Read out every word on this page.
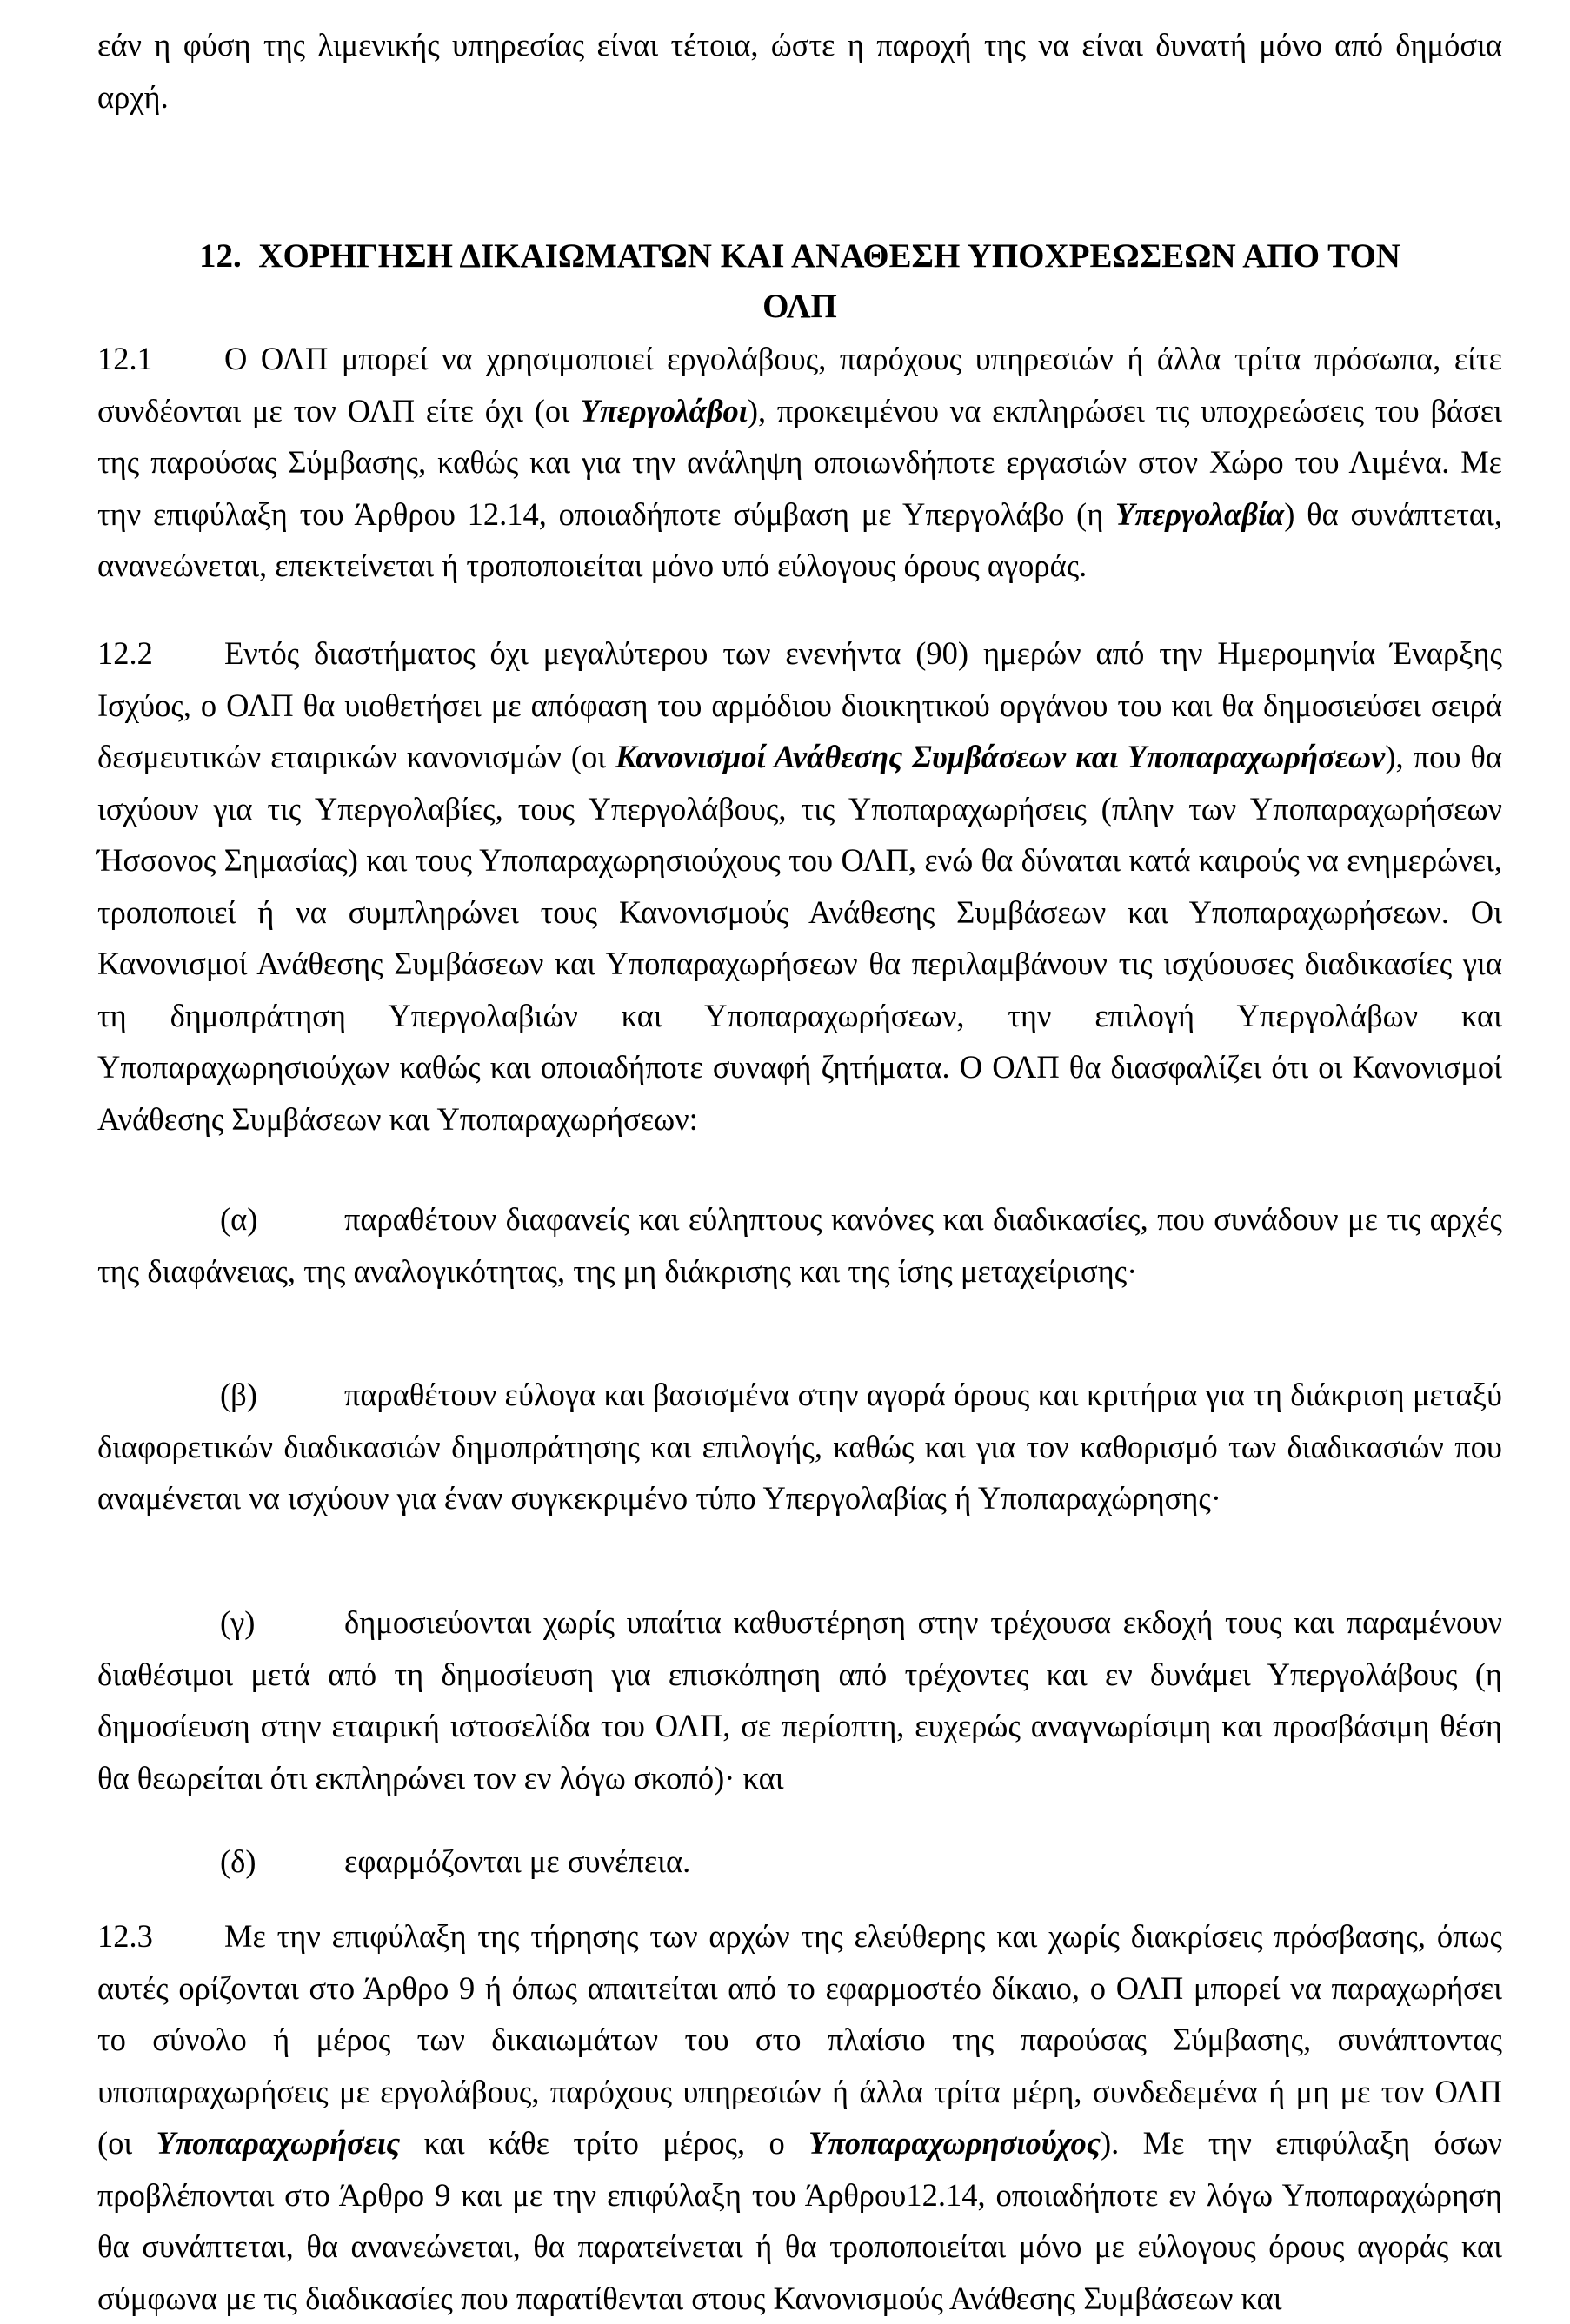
εάν η φύση της λιμενικής υπηρεσίας είναι τέτοια, ώστε η παροχή της να είναι δυνατή μόνο από δημόσια αρχή.

12. ΧΟΡΗΓΗΣΗ ΔΙΚΑΙΩΜΑΤΩΝ ΚΑΙ ΑΝΑΘΕΣΗ ΥΠΟΧΡΕΩΣΕΩΝ ΑΠΟ ΤΟΝ
ΟΛΠ

12.1 Ο ΟΛΠ μπορεί να χρησιμοποιεί εργολάβους, παρόχους υπηρεσιών ή άλλα τρίτα πρόσωπα, είτε συνδέονται με τον ΟΛΠ είτε όχι (οι Υπεργολάβοι), προκειμένου να εκπληρώσει τις υποχρεώσεις του βάσει της παρούσας Σύμβασης, καθώς και για την ανάληψη οποιωνδήποτε εργασιών στον Χώρο του Λιμένα. Με την επιφύλαξη του Άρθρου 12.14, οποιαδήποτε σύμβαση με Υπεργολάβο (η Υπεργολαβία) θα συνάπτεται, ανανεώνεται, επεκτείνεται ή τροποποιείται μόνο υπό εύλογους όρους αγοράς.

12.2 Εντός διαστήματος όχι μεγαλύτερου των ενενήντα (90) ημερών από την Ημερομηνία Έναρξης Ισχύος, ο ΟΛΠ θα υιοθετήσει με απόφαση του αρμόδιου διοικητικού οργάνου του και θα δημοσιεύσει σειρά δεσμευτικών εταιρικών κανονισμών (οι Κανονισμοί Ανάθεσης Συμβάσεων και Υποπαραχωρήσεων), που θα ισχύουν για τις Υπεργολαβίες, τους Υπεργολάβους, τις Υποπαραχωρήσεις (πλην των Υποπαραχωρήσεων Ήσσονος Σημασίας) και τους Υποπαραχωρησιούχους του ΟΛΠ, ενώ θα δύναται κατά καιρούς να ενημερώνει, τροποποιεί ή να συμπληρώνει τους Κανονισμούς Ανάθεσης Συμβάσεων και Υποπαραχωρήσεων. Οι Κανονισμοί Ανάθεσης Συμβάσεων και Υποπαραχωρήσεων θα περιλαμβάνουν τις ισχύουσες διαδικασίες για τη δημοπράτηση Υπεργολαβιών και Υποπαραχωρήσεων, την επιλογή Υπεργολάβων και Υποπαραχωρησιούχων καθώς και οποιαδήποτε συναφή ζητήματα. Ο ΟΛΠ θα διασφαλίζει ότι οι Κανονισμοί Ανάθεσης Συμβάσεων και Υποπαραχωρήσεων:

(α)	παραθέτουν διαφανείς και εύληπτους κανόνες και διαδικασίες, που συνάδουν με τις αρχές της διαφάνειας, της αναλογικότητας, της μη διάκρισης και της ίσης μεταχείρισης·

(β)	παραθέτουν εύλογα και βασισμένα στην αγορά όρους και κριτήρια για τη διάκριση μεταξύ διαφορετικών διαδικασιών δημοπράτησης και επιλογής, καθώς και για τον καθορισμό των διαδικασιών που αναμένεται να ισχύουν για έναν συγκεκριμένο τύπο Υπεργολαβίας ή Υποπαραχώρησης·

(γ)	δημοσιεύονται χωρίς υπαίτια καθυστέρηση στην τρέχουσα εκδοχή τους και παραμένουν διαθέσιμοι μετά από τη δημοσίευση για επισκόπηση από τρέχοντες και εν δυνάμει Υπεργολάβους (η δημοσίευση στην εταιρική ιστοσελίδα του ΟΛΠ, σε περίοπτη, ευχερώς αναγνωρίσιμη και προσβάσιμη θέση θα θεωρείται ότι εκπληρώνει τον εν λόγω σκοπό)· και

(δ)	εφαρμόζονται με συνέπεια.

12.3 Με την επιφύλαξη της τήρησης των αρχών της ελεύθερης και χωρίς διακρίσεις πρόσβασης, όπως αυτές ορίζονται στο Άρθρο 9 ή όπως απαιτείται από το εφαρμοστέο δίκαιο, ο ΟΛΠ μπορεί να παραχωρήσει το σύνολο ή μέρος των δικαιωμάτων του στο πλαίσιο της παρούσας Σύμβασης, συνάπτοντας υποπαραχωρήσεις με εργολάβους, παρόχους υπηρεσιών ή άλλα τρίτα μέρη, συνδεδεμένα ή μη με τον ΟΛΠ (οι Υποπαραχωρήσεις και κάθε τρίτο μέρος, ο Υποπαραχωρησιούχος). Με την επιφύλαξη όσων προβλέπονται στο Άρθρο 9 και με την επιφύλαξη του Άρθρου12.14, οποιαδήποτε εν λόγω Υποπαραχώρηση θα συνάπτεται, θα ανανεώνεται, θα παρατείνεται ή θα τροποποιείται μόνο με εύλογους όρους αγοράς και σύμφωνα με τις διαδικασίες που παρατίθενται στους Κανονισμούς Ανάθεσης Συμβάσεων και
